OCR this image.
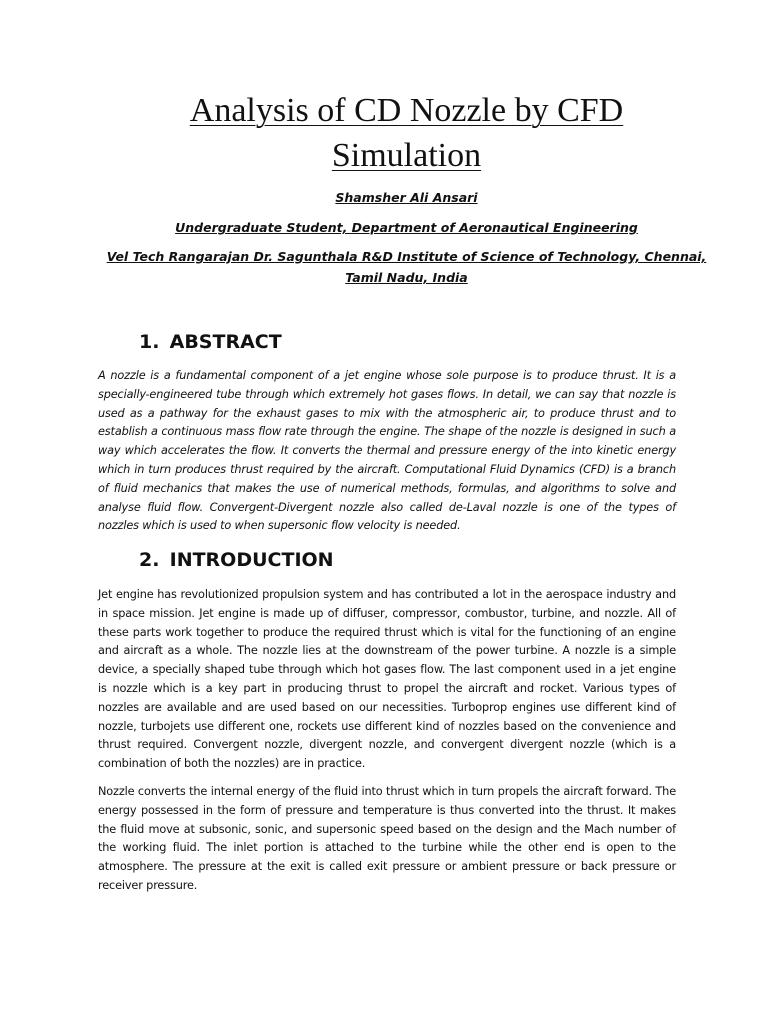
Analysis of CD Nozzle by CFD Simulation

Shamsher Ali Ansari

Undergraduate Student, Department of Aeronautical Engineering

Vel Tech Rangarajan Dr. Sagunthala R&D Institute of Science of Technology, Chennai, Tamil Nadu, India

1. ABSTRACT

A nozzle is a fundamental component of a jet engine whose sole purpose is to produce thrust. It is a specially-engineered tube through which extremely hot gases flows. In detail, we can say that nozzle is used as a pathway for the exhaust gases to mix with the atmospheric air, to produce thrust and to establish a continuous mass flow rate through the engine. The shape of the nozzle is designed in such a way which accelerates the flow. It converts the thermal and pressure energy of the into kinetic energy which in turn produces thrust required by the aircraft. Computational Fluid Dynamics (CFD) is a branch of fluid mechanics that makes the use of numerical methods, formulas, and algorithms to solve and analyse fluid flow. Convergent-Divergent nozzle also called de-Laval nozzle is one of the types of nozzles which is used to when supersonic flow velocity is needed.

2. INTRODUCTION

Jet engine has revolutionized propulsion system and has contributed a lot in the aerospace industry and in space mission. Jet engine is made up of diffuser, compressor, combustor, turbine, and nozzle. All of these parts work together to produce the required thrust which is vital for the functioning of an engine and aircraft as a whole. The nozzle lies at the downstream of the power turbine. A nozzle is a simple device, a specially shaped tube through which hot gases flow. The last component used in a jet engine is nozzle which is a key part in producing thrust to propel the aircraft and rocket. Various types of nozzles are available and are used based on our necessities. Turboprop engines use different kind of nozzle, turbojets use different one, rockets use different kind of nozzles based on the convenience and thrust required. Convergent nozzle, divergent nozzle, and convergent divergent nozzle (which is a combination of both the nozzles) are in practice.

Nozzle converts the internal energy of the fluid into thrust which in turn propels the aircraft forward. The energy possessed in the form of pressure and temperature is thus converted into the thrust. It makes the fluid move at subsonic, sonic, and supersonic speed based on the design and the Mach number of the working fluid. The inlet portion is attached to the turbine while the other end is open to the atmosphere. The pressure at the exit is called exit pressure or ambient pressure or back pressure or receiver pressure.
